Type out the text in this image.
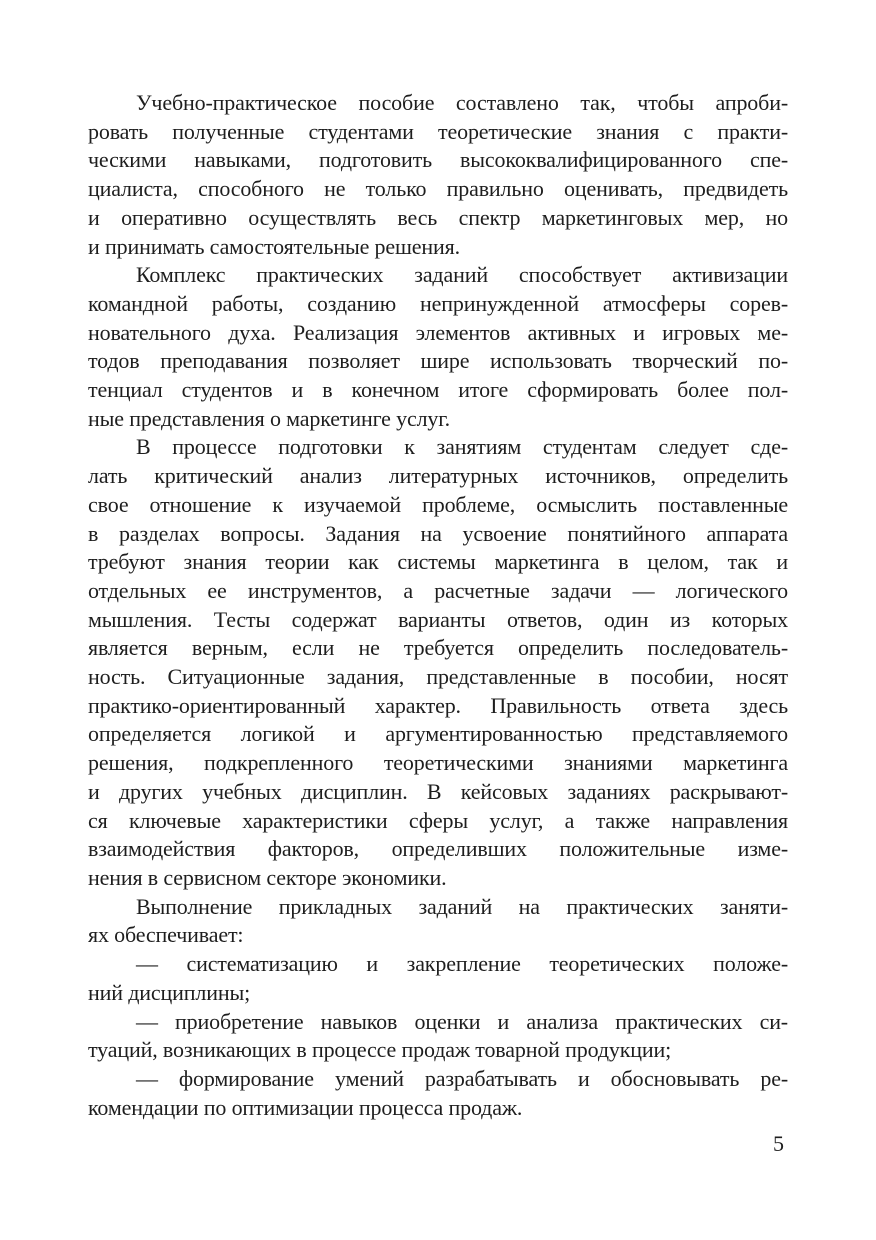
Учебно-практическое пособие составлено так, чтобы апроби-
ровать полученные студентами теоретические знания с практи-
ческими навыками, подготовить высококвалифицированного спе-
циалиста, способного не только правильно оценивать, предвидеть
и оперативно осуществлять весь спектр маркетинговых мер, но
и принимать самостоятельные решения.

Комплекс практических заданий способствует активизации
командной работы, созданию непринужденной атмосферы сорев-
новательного духа. Реализация элементов активных и игровых ме-
тодов преподавания позволяет шире использовать творческий по-
тенциал студентов и в конечном итоге сформировать более пол-
ные представления о маркетинге услуг.

В процессе подготовки к занятиям студентам следует сде-
лать критический анализ литературных источников, определить
свое отношение к изучаемой проблеме, осмыслить поставленные
в разделах вопросы. Задания на усвоение понятийного аппарата
требуют знания теории как системы маркетинга в целом, так и
отдельных ее инструментов, а расчетные задачи — логического
мышления. Тесты содержат варианты ответов, один из которых
является верным, если не требуется определить последователь-
ность. Ситуационные задания, представленные в пособии, носят
практико-ориентированный характер. Правильность ответа здесь
определяется логикой и аргументированностью представляемого
решения, подкрепленного теоретическими знаниями маркетинга
и других учебных дисциплин. В кейсовых заданиях раскрывают-
ся ключевые характеристики сферы услуг, а также направления
взаимодействия факторов, определивших положительные изме-
нения в сервисном секторе экономики.

Выполнение прикладных заданий на практических заняти-
ях обеспечивает:

— систематизацию и закрепление теоретических положе-
ний дисциплины;

— приобретение навыков оценки и анализа практических си-
туаций, возникающих в процессе продаж товарной продукции;

— формирование умений разрабатывать и обосновывать ре-
комендации по оптимизации процесса продаж.

5
